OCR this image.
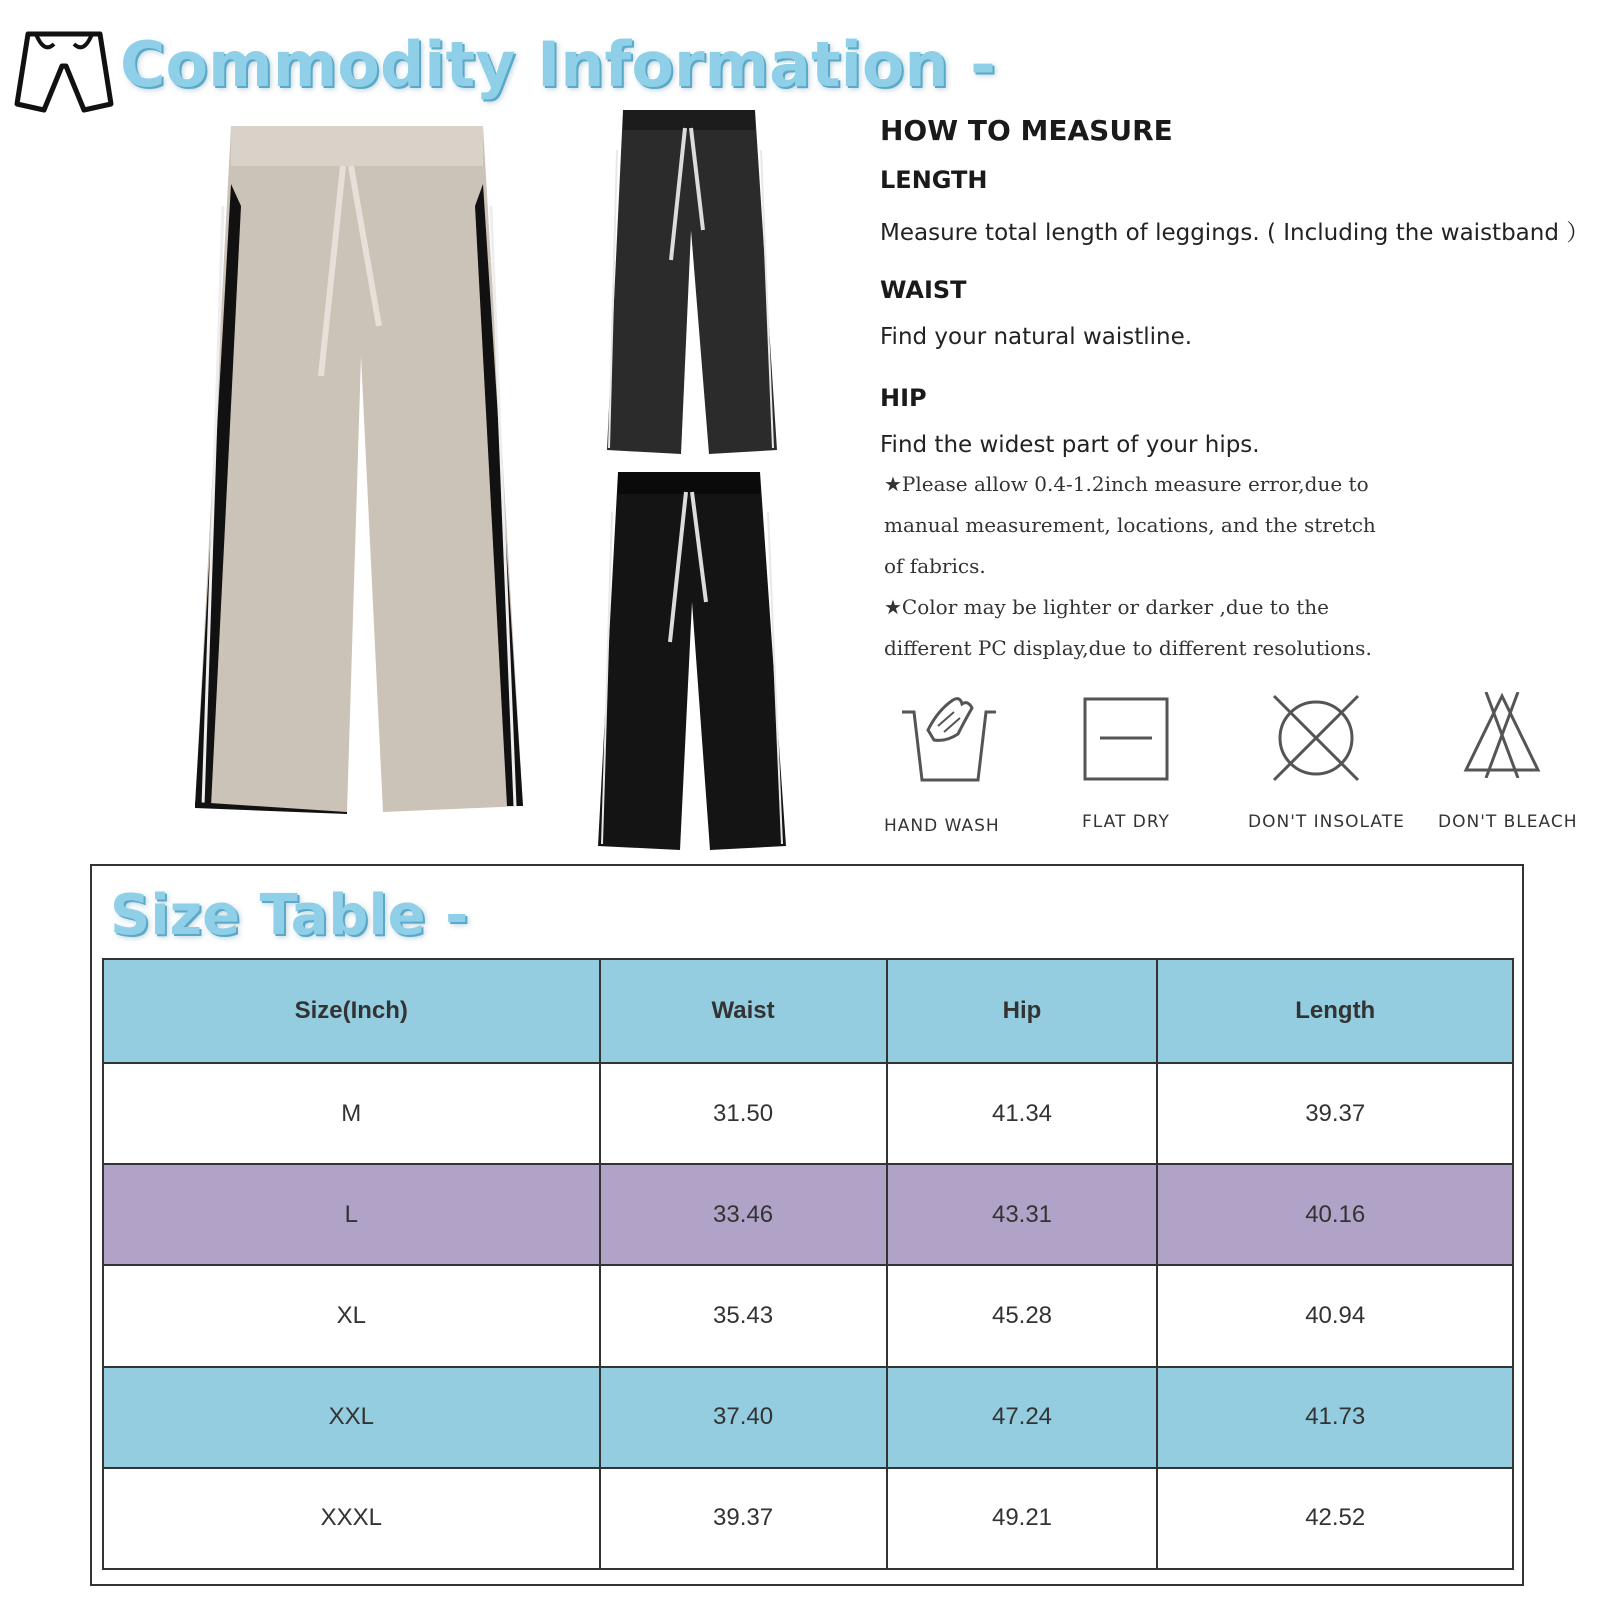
Commodity Information -
HOW TO MEASURE
LENGTH
Measure total length of leggings. ( Including the waistband ）
WAIST
Find your natural waistline.
HIP
Find the widest part of your hips.
★Please allow 0.4-1.2inch measure error,due to
manual measurement, locations, and the stretch
of fabrics.
★Color may be lighter or darker ,due to the
different PC display,due to different resolutions.
HAND WASH	FLAT DRY	DON'T INSOLATE DON'T BLEACH
Size Table -
Size(Inch)	Waist	Hip	Length
M	31.50	41.34	39.37
L	33.46	43.31	40.16
XL	35.43	45.28	40.94
XXL	37.40	47.24	41.73
XXXL	39.37	49.21	42.52
